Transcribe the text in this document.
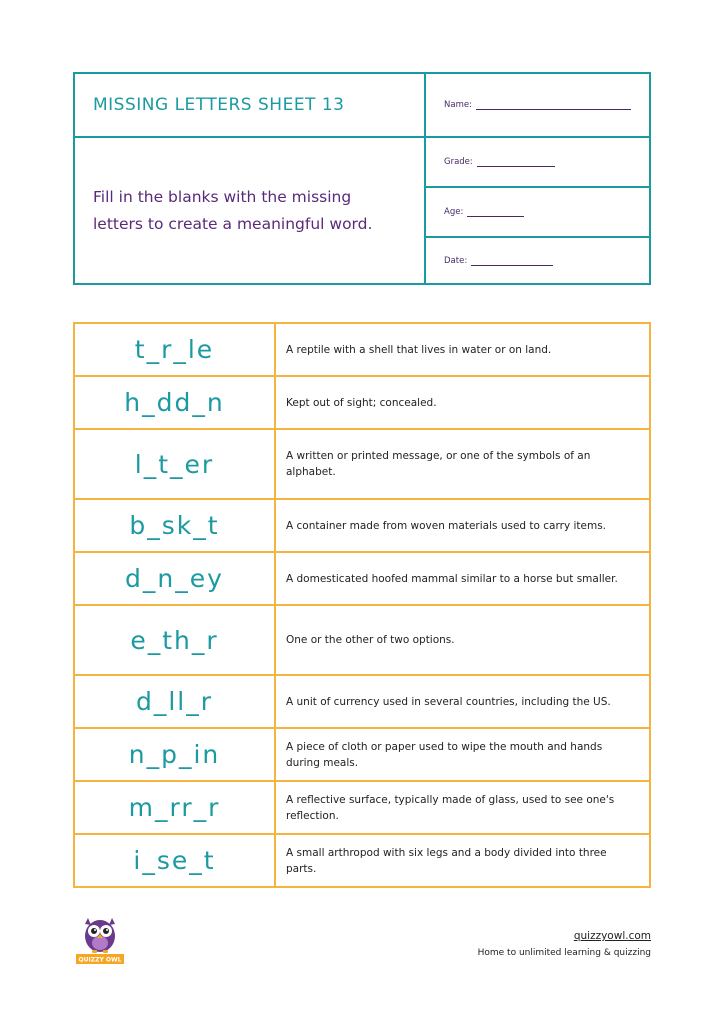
MISSING LETTERS SHEET 13
Fill in the blanks with the missing letters to create a meaningful word.
Name:
Grade:
Age:
Date:
t_r_le	A reptile with a shell that lives in water or on land.
h_dd_n	Kept out of sight; concealed.
l_t_er	A written or printed message, or one of the symbols of an alphabet.
b_sk_t	A container made from woven materials used to carry items.
d_n_ey	A domesticated hoofed mammal similar to a horse but smaller.
e_th_r	One or the other of two options.
d_ll_r	A unit of currency used in several countries, including the US.
n_p_in	A piece of cloth or paper used to wipe the mouth and hands during meals.
m_rr_r	A reflective surface, typically made of glass, used to see one's reflection.
i_se_t	A small arthropod with six legs and a body divided into three parts.
QUIZZY OWL
quizzyowl.com
Home to unlimited learning & quizzing
